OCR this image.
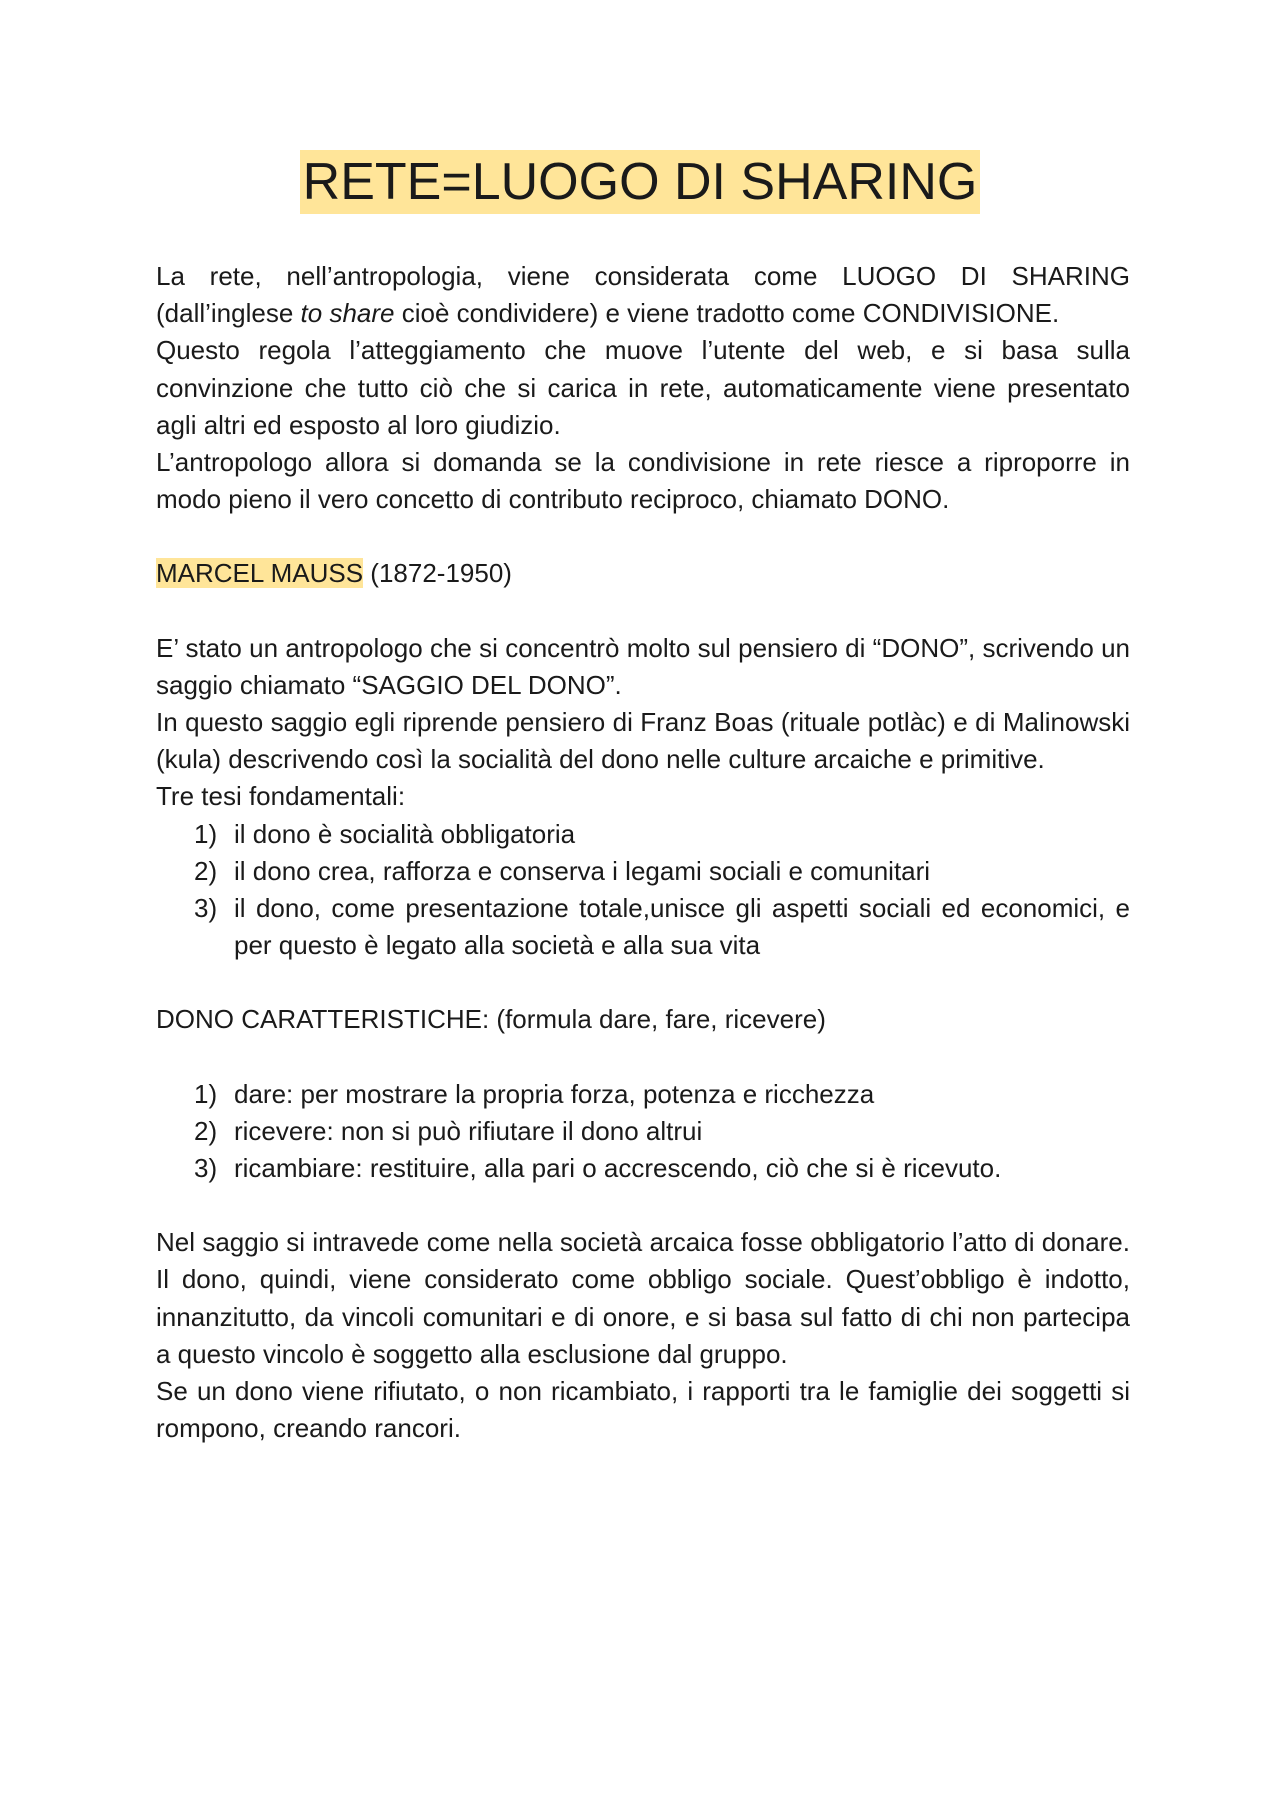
RETE=LUOGO DI SHARING

La rete, nell’antropologia, viene considerata come LUOGO DI SHARING (dall’inglese to share cioè condividere) e viene tradotto come CONDIVISIONE.

Questo regola l’atteggiamento che muove l’utente del web, e si basa sulla convinzione che tutto ciò che si carica in rete, automaticamente viene presentato agli altri ed esposto al loro giudizio.

L’antropologo allora si domanda se la condivisione in rete riesce a riproporre in modo pieno il vero concetto di contributo reciproco, chiamato DONO.

MARCEL MAUSS (1872-1950)

E’ stato un antropologo che si concentrò molto sul pensiero di “DONO”, scrivendo un saggio chiamato “SAGGIO DEL DONO”.

In questo saggio egli riprende pensiero di Franz Boas (rituale potlàc) e di Malinowski (kula) descrivendo così la socialità del dono nelle culture arcaiche e primitive.

Tre tesi fondamentali:

1) il dono è socialità obbligatoria
2) il dono crea, rafforza e conserva i legami sociali e comunitari
3) il dono, come presentazione totale,unisce gli aspetti sociali ed economici, e per questo è legato alla società e alla sua vita

DONO CARATTERISTICHE: (formula dare, fare, ricevere)

1) dare: per mostrare la propria forza, potenza e ricchezza
2) ricevere: non si può rifiutare il dono altrui
3) ricambiare: restituire, alla pari o accrescendo, ciò che si è ricevuto.

Nel saggio si intravede come nella società arcaica fosse obbligatorio l’atto di donare. Il dono, quindi, viene considerato come obbligo sociale. Quest’obbligo è indotto, innanzitutto, da vincoli comunitari e di onore, e si basa sul fatto di chi non partecipa a questo vincolo è soggetto alla esclusione dal gruppo.

Se un dono viene rifiutato, o non ricambiato, i rapporti tra le famiglie dei soggetti si rompono, creando rancori.
